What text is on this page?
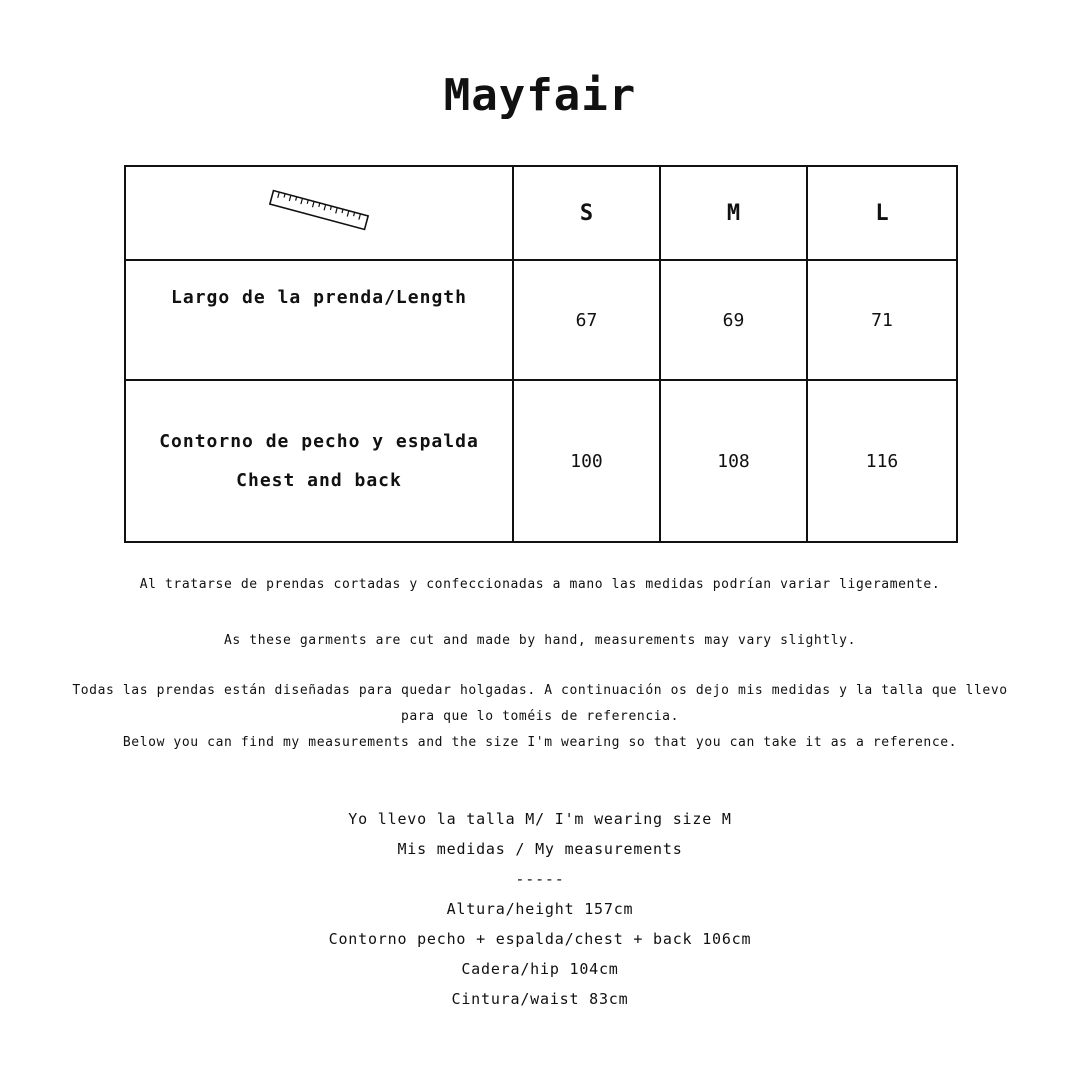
Mayfair
	S	M	L
Largo de la prenda/Length	67	69	71

Contorno de pecho y espalda
Chest and back	100	108	116

Al tratarse de prendas cortadas y confeccionadas a mano las medidas podrían variar ligeramente.

As these garments are cut and made by hand, measurements may vary slightly.

Todas las prendas están diseñadas para quedar holgadas. A continuación os dejo mis medidas y la talla que llevo para que lo toméis de referencia.

Below you can find my measurements and the size I'm wearing so that you can take it as a reference.

Yo llevo la talla M/ I'm wearing size M
Mis medidas / My measurements
-----
Altura/height 157cm
Contorno pecho + espalda/chest + back 106cm
Cadera/hip 104cm
Cintura/waist 83cm
